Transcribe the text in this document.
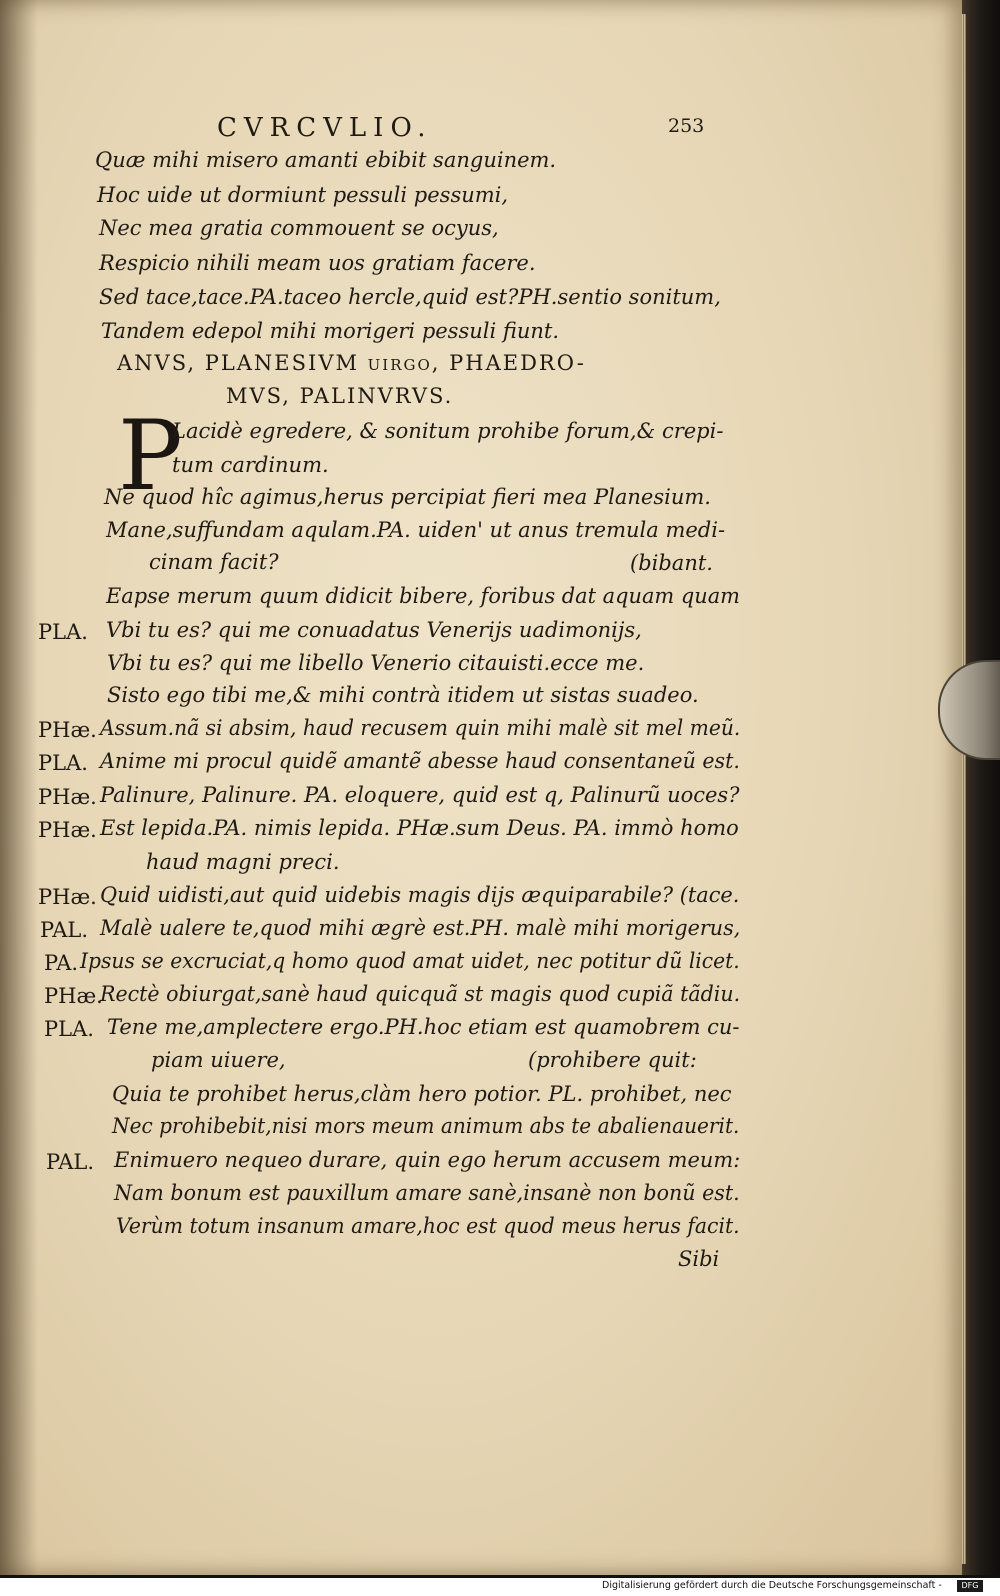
CVRCVLIO.	253
Quæ mihi misero amanti ebibit sanguinem.
Hoc uide ut dormiunt pessuli pessumi,
Nec mea gratia commouent se ocyus,
Respicio nihili meam uos gratiam facere.
Sed tace,tace.PA.taceo hercle,quid est?PH.sentio sonitum,
Tandem edepol mihi morigeri pessuli fiunt.
ANVS, PLANESIVM uirgo, PHAEDRO-
MVS, PALINVRVS.
P
Lacidè egredere, & sonitum prohibe forum,& crepi-
tum cardinum.
Ne quod hîc agimus,herus percipiat fieri mea Planesium.
Mane,suffundam aqulam.PA. uiden' ut anus tremula medi-
cinam facit?	(bibant.
Eapse merum quum didicit bibere, foribus dat aquam quam
PLA. Vbi tu es? qui me conuadatus Venerijs uadimonijs,
Vbi tu es? qui me libello Venerio citauisti.ecce me.
Sisto ego tibi me,& mihi contrà itidem ut sistas suadeo.
PHæ. Assum.nã si absim, haud recusem quin mihi malè sit mel meũ.
PLA. Anime mi procul quidẽ amantẽ abesse haud consentaneũ est.
PHæ. Palinure, Palinure. PA. eloquere, quid est q, Palinurũ uoces?
PHæ. Est lepida.PA. nimis lepida. PHæ.sum Deus. PA. immò homo
haud magni preci.
PHæ. Quid uidisti,aut quid uidebis magis dijs æquiparabile? (tace.
PAL. Malè ualere te,quod mihi ægrè est.PH. malè mihi morigerus,
PA. Ipsus se excruciat,q homo quod amat uidet, nec potitur dũ licet.
PHæ.
Rectè obiurgat,sanè haud quicquã st magis quod cupiã tãdiu.
PLA. Tene me,amplectere ergo.PH.hoc etiam est quamobrem cu-
piam uiuere,	(prohibere quit:
Quia te prohibet herus,clàm hero potior. PL. prohibet, nec
Nec prohibebit,nisi mors meum animum abs te abalienauerit.
PAL. Enimuero nequeo durare, quin ego herum accusem meum:
Nam bonum est pauxillum amare sanè,insanè non bonũ est.
Verùm totum insanum amare,hoc est quod meus herus facit.
Sibi
Digitalisierung gefördert durch die Deutsche Forschungsgemeinschaft -	DFG
